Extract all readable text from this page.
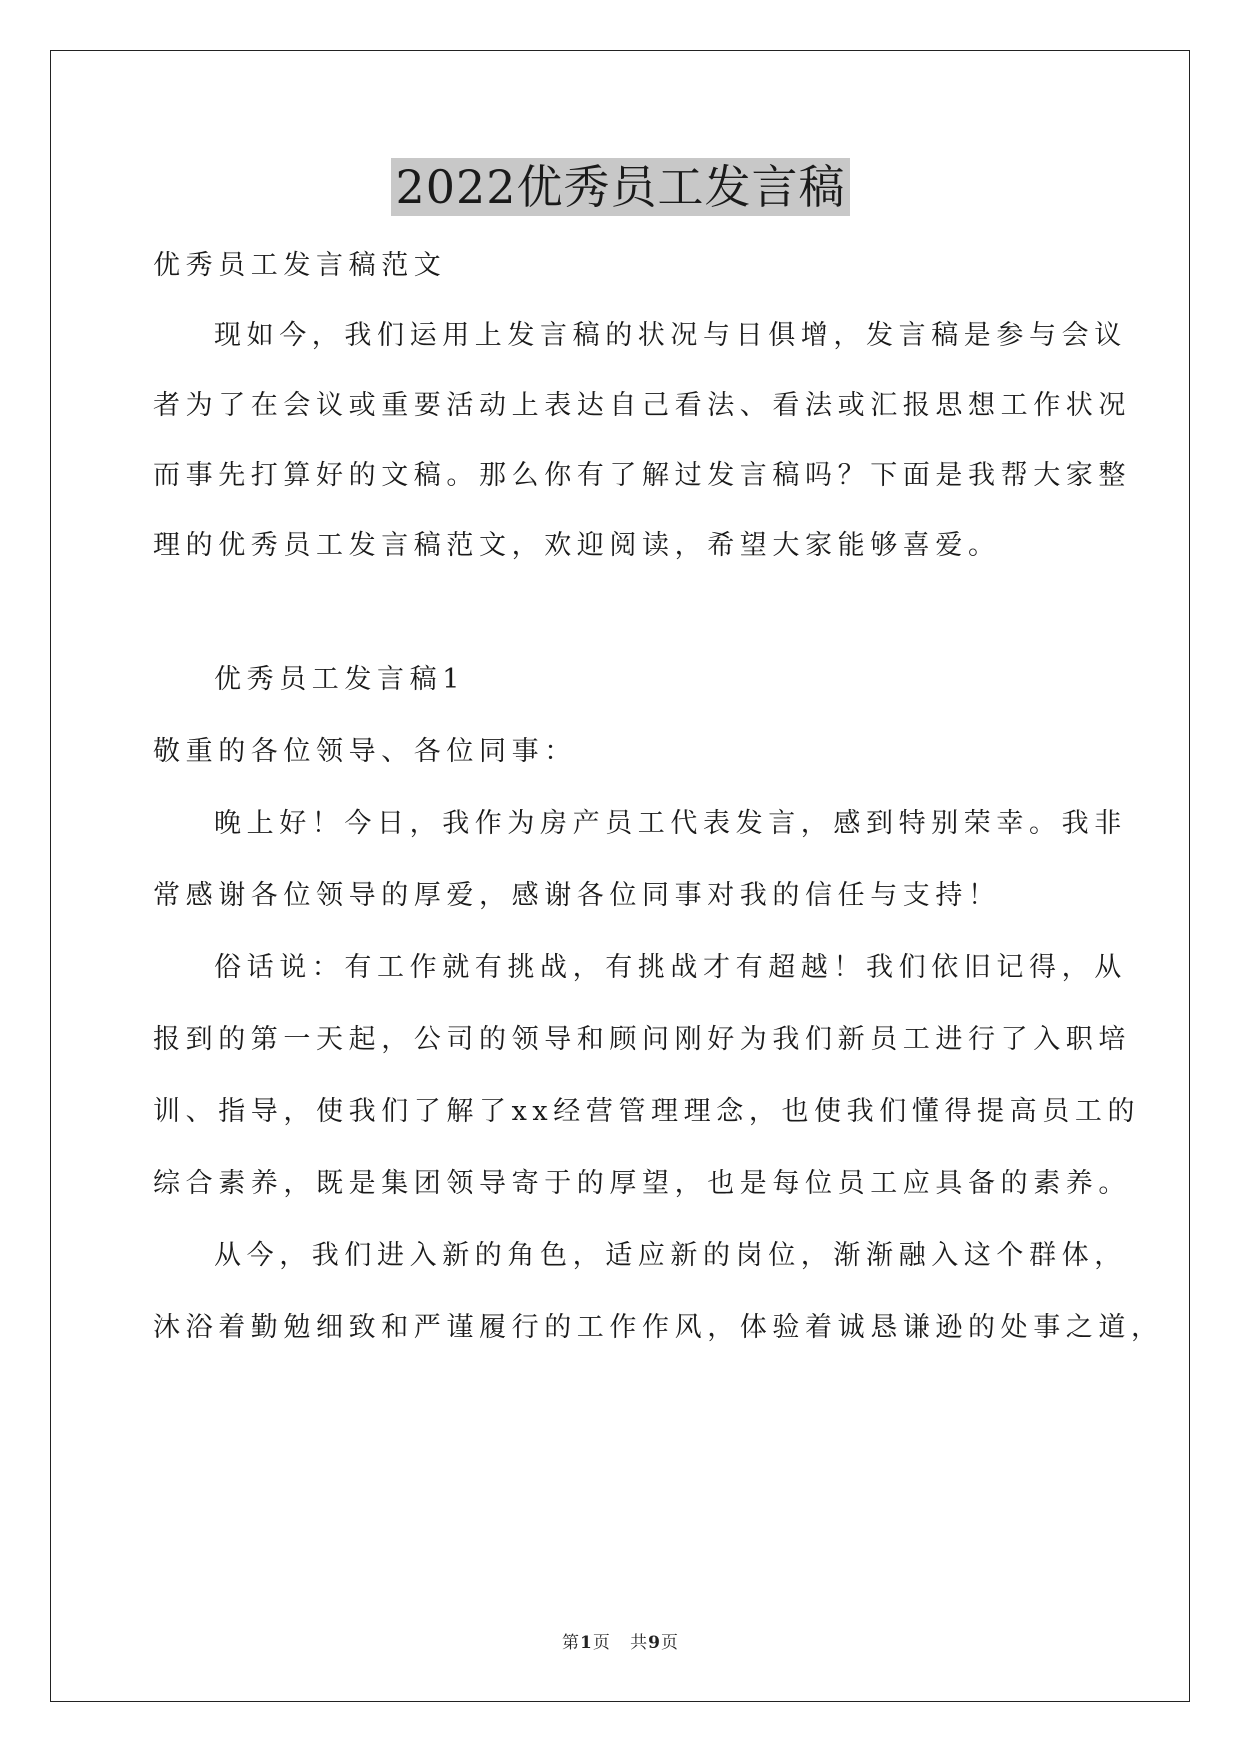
2022优秀员工发言稿
优秀员工发言稿范文
现如今，我们运用上发言稿的状况与日俱增，发言稿是参与会议
者为了在会议或重要活动上表达自己看法、看法或汇报思想工作状况
而事先打算好的文稿。那么你有了解过发言稿吗？下面是我帮大家整
理的优秀员工发言稿范文，欢迎阅读，希望大家能够喜爱。
优秀员工发言稿1
敬重的各位领导、各位同事：
晚上好！今日，我作为房产员工代表发言，感到特别荣幸。我非
常感谢各位领导的厚爱，感谢各位同事对我的信任与支持！
俗话说：有工作就有挑战，有挑战才有超越！我们依旧记得，从
报到的第一天起，公司的领导和顾问刚好为我们新员工进行了入职培
训、指导，使我们了解了xx经营管理理念，也使我们懂得提高员工的
综合素养，既是集团领导寄于的厚望，也是每位员工应具备的素养。
从今，我们进入新的角色，适应新的岗位，渐渐融入这个群体，
沐浴着勤勉细致和严谨履行的工作作风，体验着诚恳谦逊的处事之道，
第1页 共9页
